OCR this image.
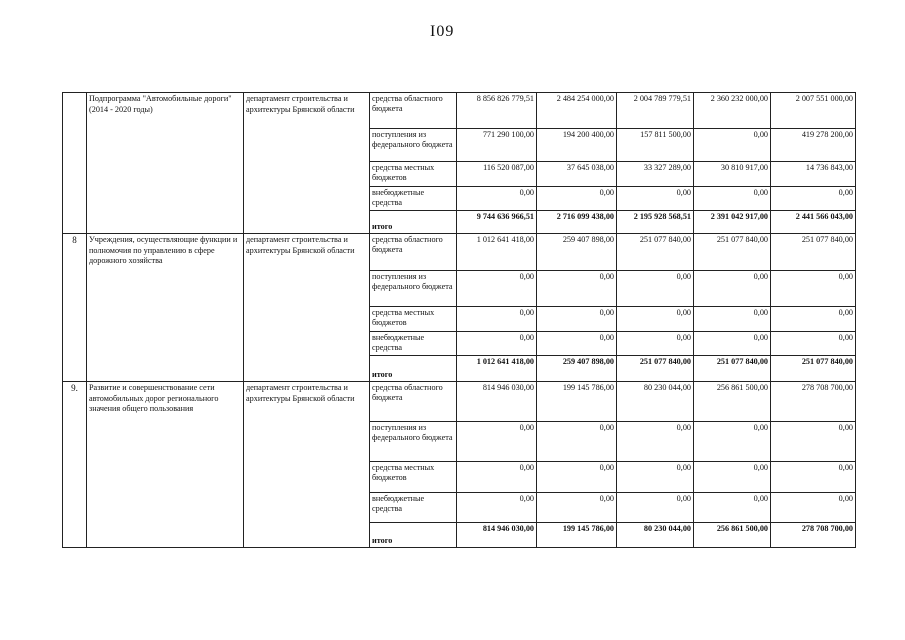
I09
	Подпрограмма "Автомобильные дороги" (2014 - 2020 годы)	департамент строительства и архитектуры Брянской области	средства областного бюджета	8 856 826 779,51	2 484 254 000,00	2 004 789 779,51	2 360 232 000,00	2 007 551 000,00
			поступления из федерального бюджета	771 290 100,00	194 200 400,00	157 811 500,00	0,00	419 278 200,00
			средства местных бюджетов	116 520 087,00	37 645 038,00	33 327 289,00	30 810 917,00	14 736 843,00
			внебюджетные средства	0,00	0,00	0,00	0,00	0,00
			итого	9 744 636 966,51	2 716 099 438,00	2 195 928 568,51	2 391 042 917,00	2 441 566 043,00
8	Учреждения, осуществляющие функции и полномочия по управлению в сфере дорожного хозяйства	департамент строительства и архитектуры Брянской области	средства областного бюджета	1 012 641 418,00	259 407 898,00	251 077 840,00	251 077 840,00	251 077 840,00
			поступления из федерального бюджета	0,00	0,00	0,00	0,00	0,00
			средства местных бюджетов	0,00	0,00	0,00	0,00	0,00
			внебюджетные средства	0,00	0,00	0,00	0,00	0,00
			итого	1 012 641 418,00	259 407 898,00	251 077 840,00	251 077 840,00	251 077 840,00
9.	Развитие и совершенствование сети автомобильных дорог регионального значения общего пользования	департамент строительства и архитектуры Брянской области	средства областного бюджета	814 946 030,00	199 145 786,00	80 230 044,00	256 861 500,00	278 708 700,00
			поступления из федерального бюджета	0,00	0,00	0,00	0,00	0,00
			средства местных бюджетов	0,00	0,00	0,00	0,00	0,00
			внебюджетные средства	0,00	0,00	0,00	0,00	0,00
			итого	814 946 030,00	199 145 786,00	80 230 044,00	256 861 500,00	278 708 700,00
